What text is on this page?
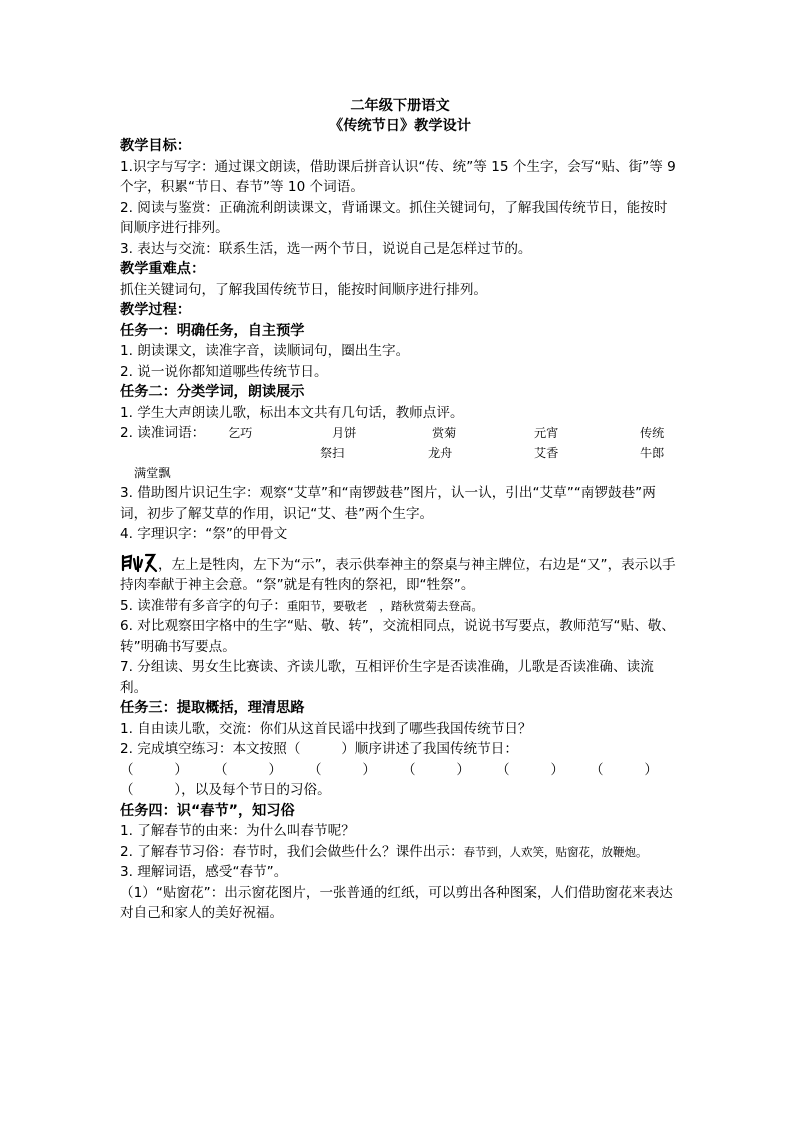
二年级下册语文

《传统节日》教学设计

教学目标：

1.识字与写字：通过课文朗读，借助课后拼音认识“传、统”等 15 个生字，会写“贴、街”等 9 个字，积累“节日、春节”等 10 个词语。

2. 阅读与鉴赏：正确流利朗读课文，背诵课文。抓住关键词句，了解我国传统节日，能按时间顺序进行排列。

3. 表达与交流：联系生活，选一两个节日，说说自己是怎样过节的。

教学重难点：

抓住关键词句，了解我国传统节日，能按时间顺序进行排列。

教学过程：

任务一：明确任务，自主预学

1. 朗读课文，读准字音，读顺词句，圈出生字。

2. 说一说你都知道哪些传统节日。

任务二：分类学词，朗读展示

1. 学生大声朗读儿歌，标出本文共有几句话，教师点评。

2. 读准词语： 乞巧	月饼	赏菊	元宵	传统
祭扫	龙舟	艾香	牛郎
满堂飘

3. 借助图片识记生字：观察“艾草”和“南锣鼓巷”图片，认一认，引出“艾草”“南锣鼓巷”两词，初步了解艾草的作用，识记“艾、巷”两个生字。

4. 字理识字：“祭”的甲骨文

，左上是牲肉，左下为“示”，表示供奉神主的祭桌与神主牌位，右边是“又”，表示以手持肉奉献于神主会意。“祭”就是有牲肉的祭祀，即“牲祭”。

5. 读准带有多音字的句子：重阳节，要敬老 ，踏秋赏菊去登高。

6. 对比观察田字格中的生字“贴、敬、转”，交流相同点，说说书写要点，教师范写“贴、敬、转”明确书写要点。

7. 分组读、男女生比赛读、齐读儿歌，互相评价生字是否读准确，儿歌是否读准确、读流利。

任务三：提取概括，理清思路

1. 自由读儿歌，交流：你们从这首民谣中找到了哪些我国传统节日？

2. 完成填空练习：本文按照（　　　）顺序讲述了我国传统节日：

（　　　） （　　　） （　　　） （　　　） （　　　） （　　　）

（　　　），以及每个节日的习俗。

任务四：识“春节”，知习俗

1. 了解春节的由来：为什么叫春节呢？

2. 了解春节习俗：春节时，我们会做些什么？课件出示：春节到，人欢笑，贴窗花，放鞭炮。

3. 理解词语，感受“春节”。

（1）“贴窗花”：出示窗花图片，一张普通的红纸，可以剪出各种图案，人们借助窗花来表达对自己和家人的美好祝福。
